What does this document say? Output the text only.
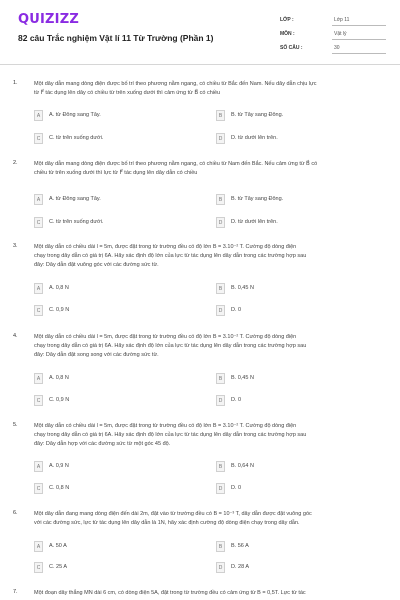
QUIZIZZ
82 câu Trắc nghiệm Vật lí 11 Từ Trường (Phần 1)
LỚP :	Lớp 11
MÔN :	Vật lý
SỐ CÂU :	30
1.	Một dây dẫn mang dòng điện được bố trí theo phương nằm ngang, có chiều từ Bắc đến Nam. Nếu dây dẫn chịu lực
từ F⃗ tác dụng lên dây có chiều từ trên xuống dưới thì cảm ứng từ B⃗ có chiều
A	A. từ Đông sang Tây.	B	B. từ Tây sang Đông.
C	C. từ trên xuống dưới.	D	D. từ dưới lên trên.
2.	Một dây dẫn mang dòng điện được bố trí theo phương nằm ngang, có chiều từ Nam đến Bắc. Nếu cảm ứng từ B⃗ có
chiều từ trên xuống dưới thì lực từ F⃗ tác dụng lên dây dẫn có chiều
A	A. từ Đông sang Tây.	B	B. từ Tây sang Đông.
C	C. từ trên xuống dưới.	D	D. từ dưới lên trên.
3.	Một dây dẫn có chiều dài l = 5m, được đặt trong từ trường đều có độ lớn B = 3.10⁻² T. Cường độ dòng điện
chạy trong dây dẫn có giá trị 6A. Hãy xác định độ lớn của lực từ tác dụng lên dây dẫn trong các trường hợp sau
đây: Dây dẫn đặt vuông góc với các đường sức từ.
A	A. 0,8 N	B	B. 0,45 N
C	C. 0,9 N	D	D. 0
4.	Một dây dẫn có chiều dài l = 5m, được đặt trong từ trường đều có độ lớn B = 3.10⁻² T. Cường độ dòng điện
chạy trong dây dẫn có giá trị 6A. Hãy xác định độ lớn của lực từ tác dụng lên dây dẫn trong các trường hợp sau
đây: Dây dẫn đặt song song với các đường sức từ.
A	A. 0,8 N	B	B. 0,45 N
C	C. 0,9 N	D	D. 0
5.	Một dây dẫn có chiều dài l = 5m, được đặt trong từ trường đều có độ lớn B = 3.10⁻² T. Cường độ dòng điện
chạy trong dây dẫn có giá trị 6A. Hãy xác định độ lớn của lực từ tác dụng lên dây dẫn trong các trường hợp sau
đây: Dây dẫn hợp với các đường sức từ một góc 45 độ.
A	A. 0,9 N	B	B. 0,64 N
C	C. 0,8 N	D	D. 0
6.	Một dây dẫn đang mang dòng điện đến dài 2m, đặt vào từ trường đều có B = 10⁻³ T, dây dẫn được đặt vuông góc
với các đường sức, lực từ tác dụng lên dây dẫn là 1N, hãy xác định cường độ dòng điện chạy trong dây dẫn.
A	A. 50 A	B	B. 56 A
C	C. 25 A	D	D. 28 A
7.	Một đoạn dây thẳng MN dài 6 cm, có dòng điện 5A, đặt trong từ trường đều có cảm ứng từ B = 0,5T. Lực từ tác
